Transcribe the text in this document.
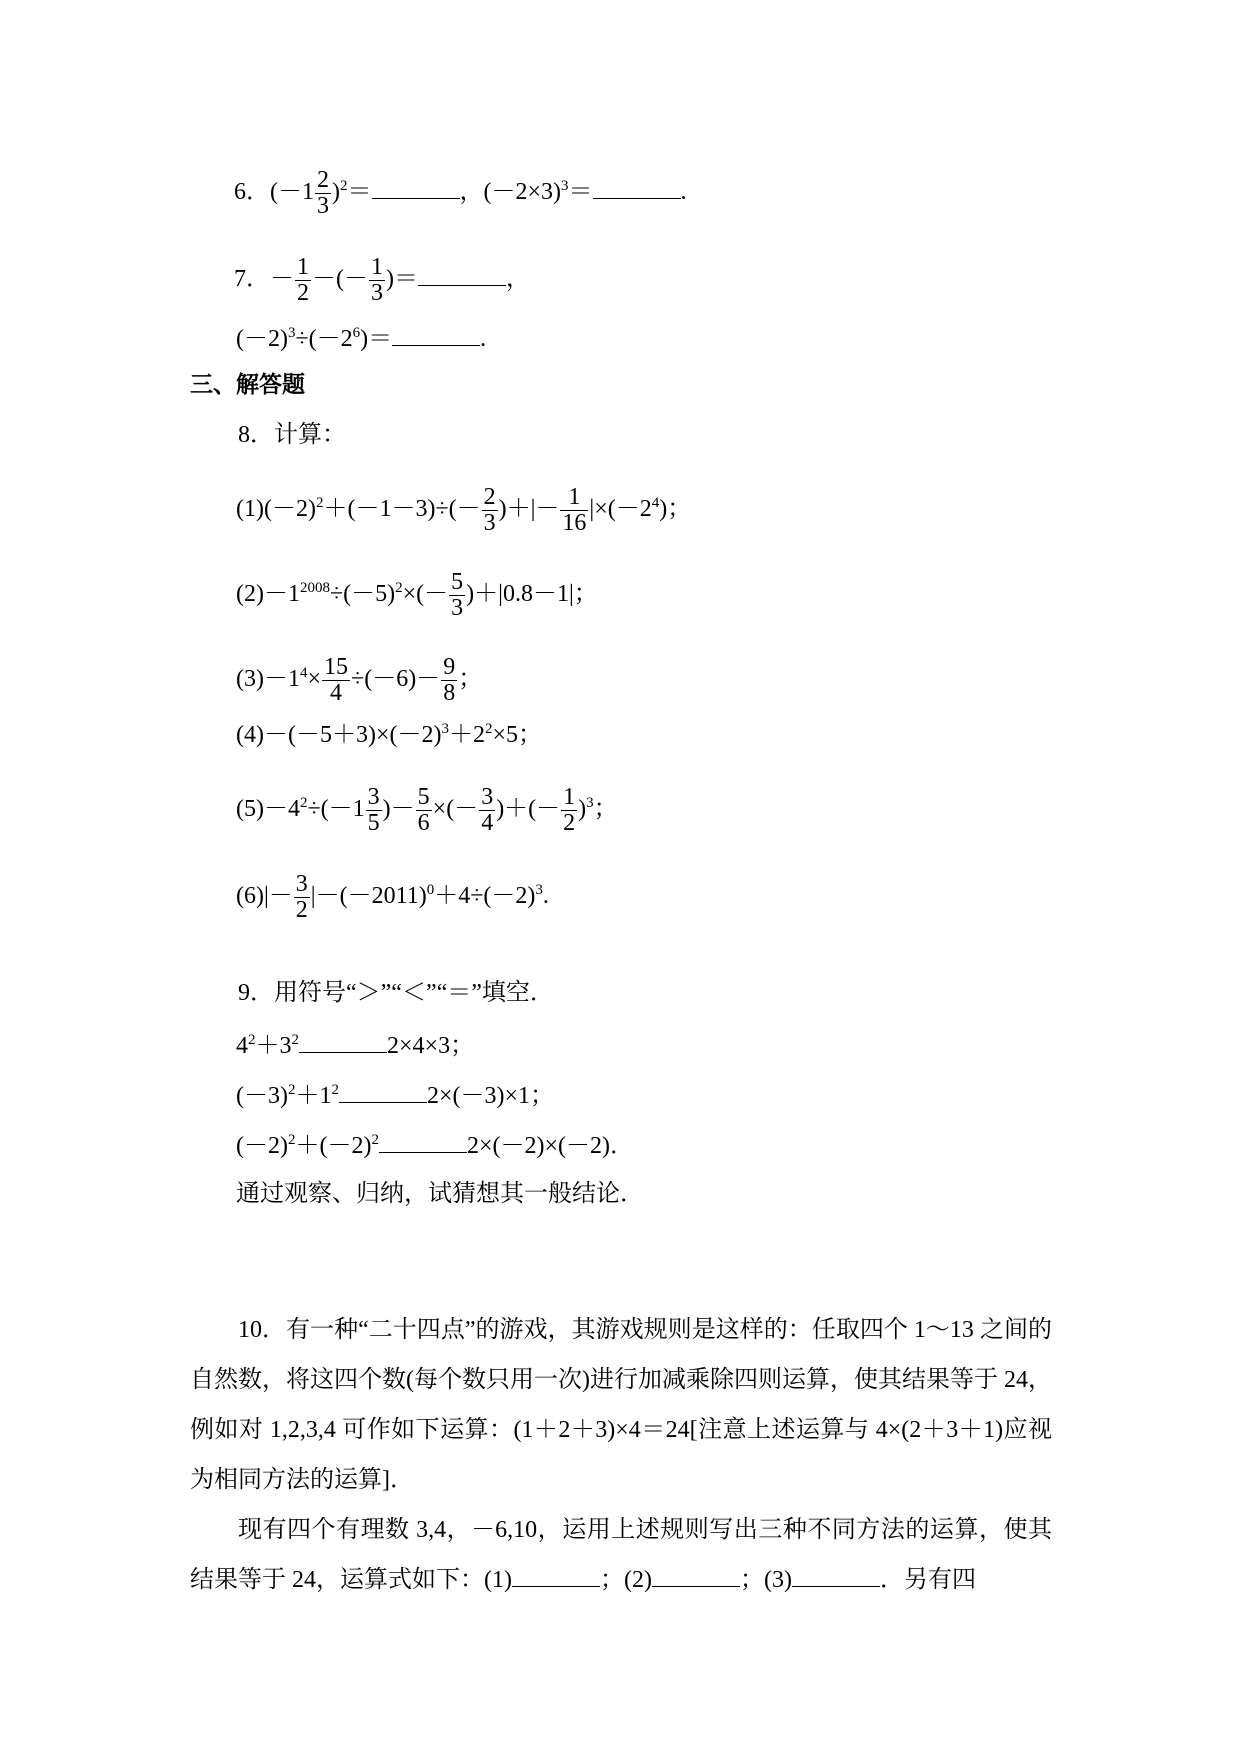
6．$(-1 \frac{2}{3} )^2=$	，$(-2\times 3)^3=$	.
7．－ $\frac{1}{2}$ －(－ $\frac{1}{3}$ )＝	，
$(-2)^3\div(-2^6)=$	.
三、解答题
8．计算：
$(1)(-2)^2+(-1-3)\div(- \frac{2}{3}$ )＋|－ $\frac{1}{16} |\times(-2^4)$；
$(2)-1^{2008}\div(-5)^2\times(- \frac{5}{3} )+|0.8-1|$；
$(3)-1^4\times \frac{15}{4} \div(-6)- \frac{9}{8}$ ；
$(4)-(-5+3)\times(-2)^3+2^2\times 5$；
$(5)-4^2\div(-1 \frac{3}{5}$ )－ $\frac{5}{6}$ ×(－ $\frac{3}{4}$ )＋(－ $\frac{1}{2} )^3$；
$(6)|- \frac{3}{2} |-(-2011)^0+4\div(-2)^3$.
9．用符号“＞”“＜”“＝”填空．
$4^2+3^2$	2×4×3；
$(-3)^2+1^2$	2×(－3)×1；
$(-2)^2+(-2)^2$	2×(－2)×(－2)．
通过观察、归纳，试猜想其一般结论．
10．有一种“二十四点”的游戏，其游戏规则是这样的：任取四个 1～13 之间的自然数，将这四个数(每个数只用一次)进行加减乘除四则运算，使其结果等于 24，例如对 1,2,3,4 可作如下运算：(1＋2＋3)×4＝24[注意上述运算与 4×(2＋3＋1)应视为相同方法的运算]．
现有四个有理数 3,4，－6,10，运用上述规则写出三种不同方法的运算，使其结果等于 24，运算式如下：(1)	；(2)	；(3)	．另有四
